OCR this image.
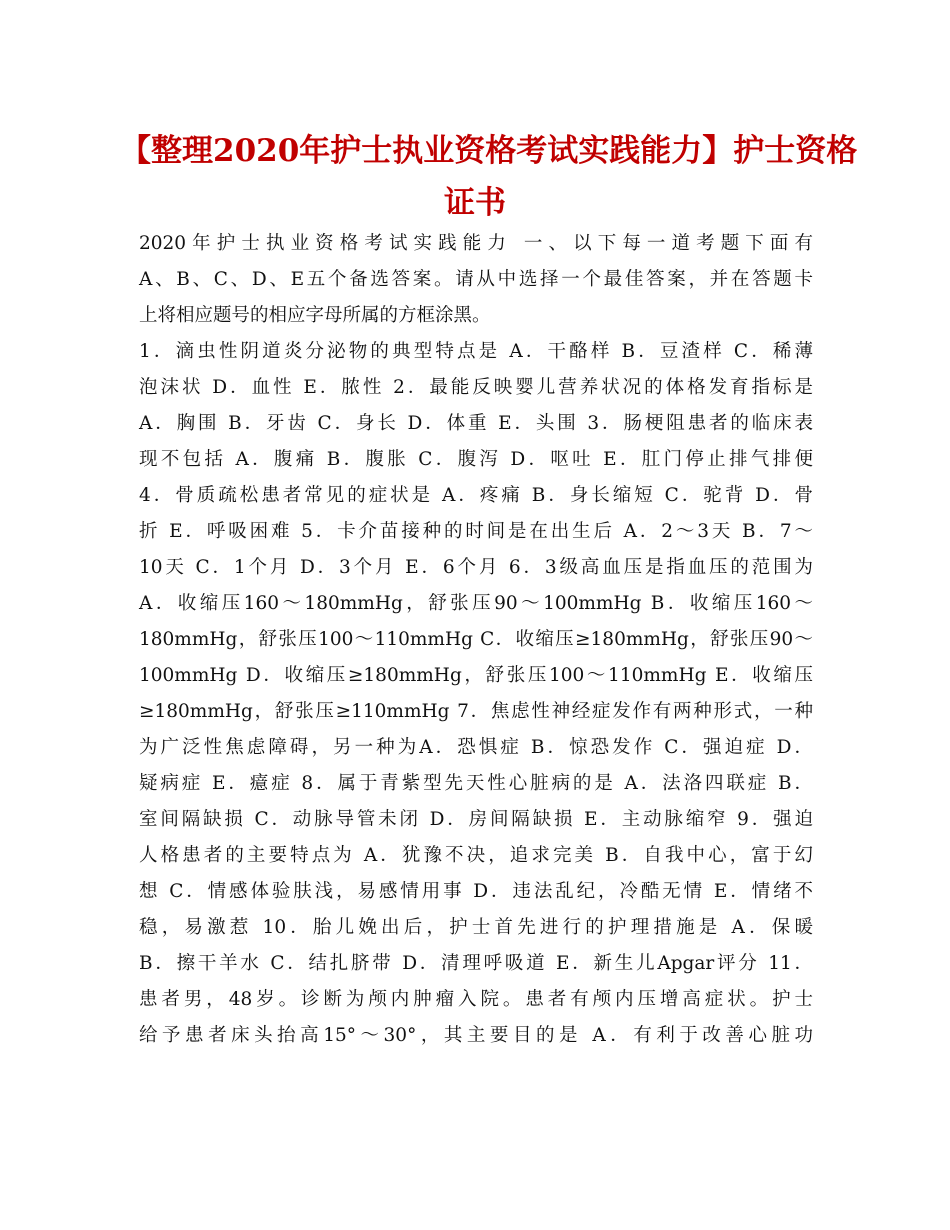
【整理2020年护士执业资格考试实践能力】护士资格
证书
2020年护士执业资格考试实践能力 一、以下每一道考题下面有
A、B、C、D、E五个备选答案。请从中选择一个最佳答案，并在答题卡
上将相应题号的相应字母所属的方框涂黑。
1．滴虫性阴道炎分泌物的典型特点是 A．干酪样 B．豆渣样 C．稀薄
泡沫状 D．血性 E．脓性 2．最能反映婴儿营养状况的体格发育指标是
A．胸围 B．牙齿 C．身长 D．体重 E．头围 3．肠梗阻患者的临床表
现不包括 A．腹痛 B．腹胀 C．腹泻 D．呕吐 E．肛门停止排气排便
4．骨质疏松患者常见的症状是 A．疼痛 B．身长缩短 C．驼背 D．骨
折 E．呼吸困难 5．卡介苗接种的时间是在出生后 A．2～3天 B．7～
10天 C．1个月 D．3个月 E．6个月 6．3级高血压是指血压的范围为
A．收缩压160～180mmHg，舒张压90～100mmHg B．收缩压160～
180mmHg，舒张压100～110mmHg C．收缩压≥180mmHg，舒张压90～
100mmHg D．收缩压≥180mmHg，舒张压100～110mmHg E．收缩压
≥180mmHg，舒张压≥110mmHg 7．焦虑性神经症发作有两种形式，一种
为广泛性焦虑障碍，另一种为A．恐惧症 B．惊恐发作 C．强迫症 D．
疑病症 E．癔症 8．属于青紫型先天性心脏病的是 A．法洛四联症 B．
室间隔缺损 C．动脉导管未闭 D．房间隔缺损 E．主动脉缩窄 9．强迫
人格患者的主要特点为 A．犹豫不决，追求完美 B．自我中心，富于幻
想 C．情感体验肤浅，易感情用事 D．违法乱纪，冷酷无情 E．情绪不
稳，易激惹 10．胎儿娩出后，护士首先进行的护理措施是 A．保暖
B．擦干羊水 C．结扎脐带 D．清理呼吸道 E．新生儿Apgar评分 11．
患者男，48岁。诊断为颅内肿瘤入院。患者有颅内压增高症状。护士
给予患者床头抬高15°～30°，其主要目的是 A．有利于改善心脏功
